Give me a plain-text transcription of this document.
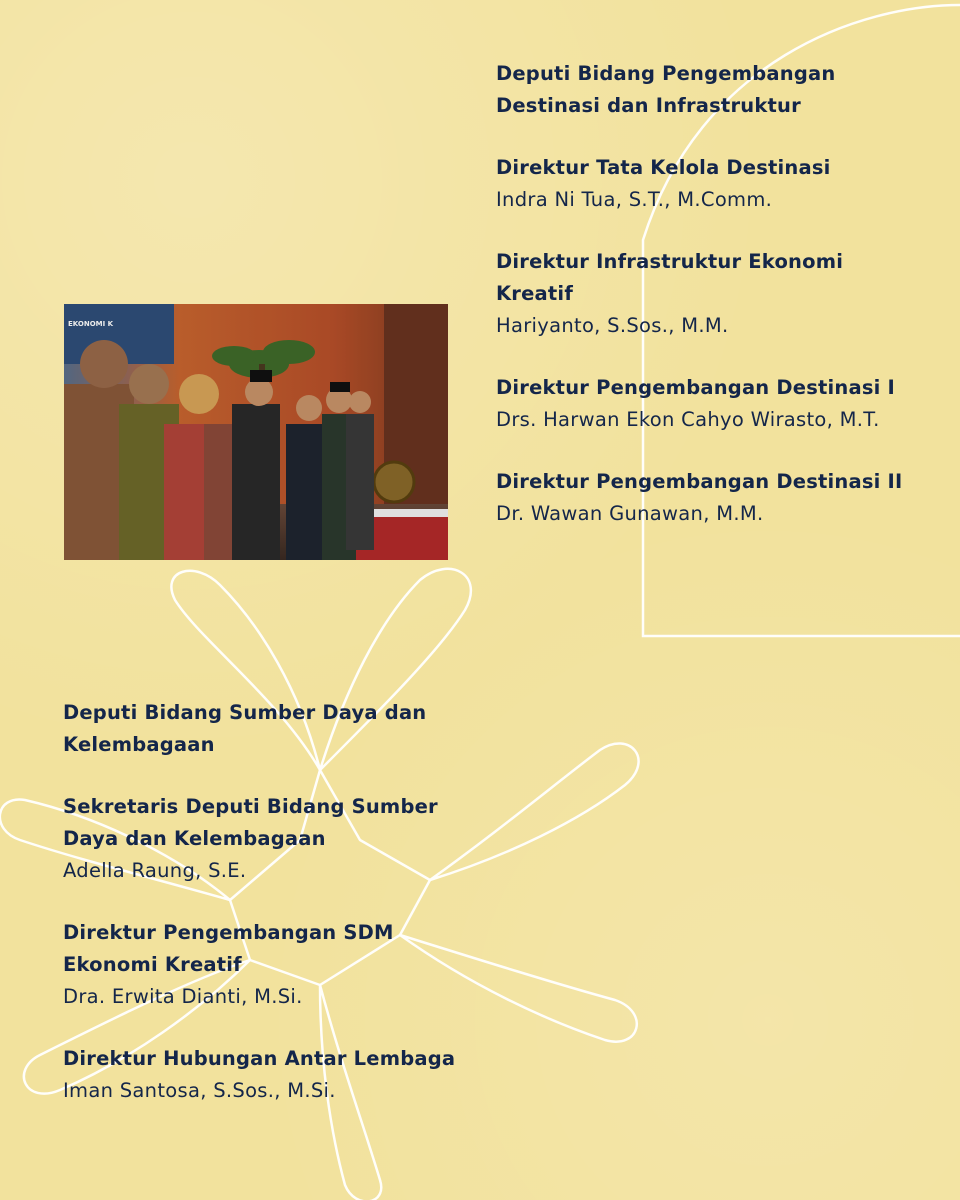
EKONOMI K

Deputi Bidang Pengembangan Destinasi dan Infrastruktur

Direktur Tata Kelola Destinasi

Indra Ni Tua, S.T., M.Comm.

Direktur Infrastruktur Ekonomi Kreatif

Hariyanto, S.Sos., M.M.

Direktur Pengembangan Destinasi I

Drs. Harwan Ekon Cahyo Wirasto, M.T.

Direktur Pengembangan Destinasi II

Dr. Wawan Gunawan, M.M.

Deputi Bidang Sumber Daya dan Kelembagaan

Sekretaris Deputi Bidang Sumber Daya dan Kelembagaan

Adella Raung, S.E.

Direktur Pengembangan SDM Ekonomi Kreatif

Dra. Erwita Dianti, M.Si.

Direktur Hubungan Antar Lembaga

Iman Santosa, S.Sos., M.Si.
